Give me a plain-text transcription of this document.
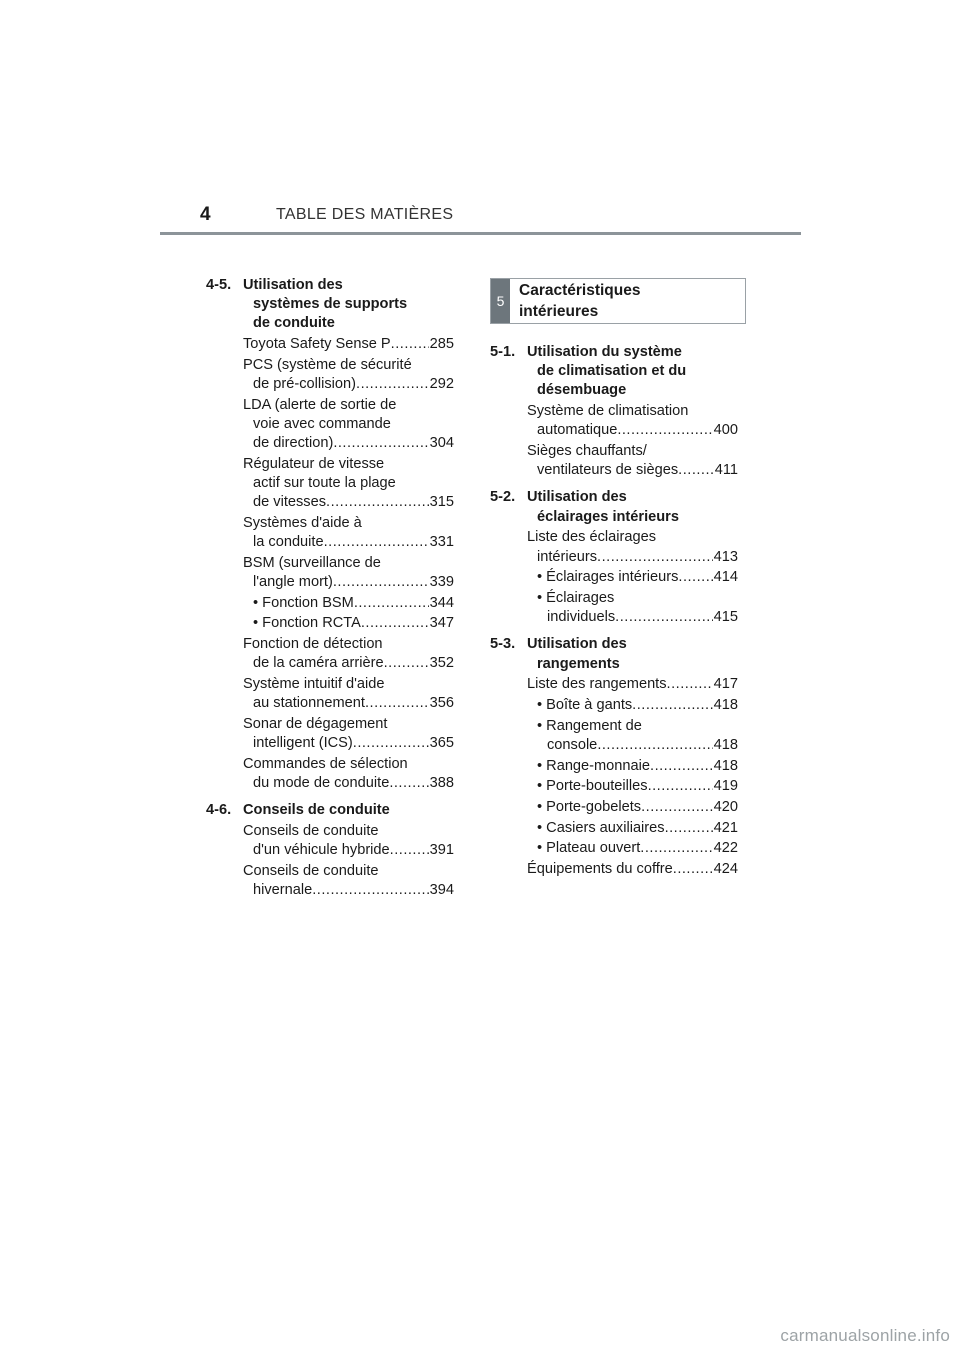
4	TABLE DES MATIÈRES
4-5. Utilisation des
systèmes de supports
de conduite
Toyota Safety Sense P .....	285
PCS (système de sécurité
de pré-collision) .....	292
LDA (alerte de sortie de
voie avec commande
de direction) .....	304
Régulateur de vitesse
actif sur toute la plage
de vitesses .....	315
Systèmes d'aide à
la conduite .....	331
BSM (surveillance de
l'angle mort) .....	339
• Fonction BSM .....	344
• Fonction RCTA .....	347
Fonction de détection
de la caméra arrière .....	352
Système intuitif d'aide
au stationnement .....	356
Sonar de dégagement
intelligent (ICS) .....	365
Commandes de sélection
du mode de conduite .....	388
4-6. Conseils de conduite
Conseils de conduite
d'un véhicule hybride .....	391
Conseils de conduite
hivernale .....	394
5
Caractéristiques
intérieures
5-1. Utilisation du système
de climatisation et du
désembuage
Système de climatisation
automatique .....	400
Sièges chauffants/
ventilateurs de sièges .....	411
5-2. Utilisation des
éclairages intérieurs
Liste des éclairages
intérieurs .....	413
• Éclairages intérieurs ..... 414
• Éclairages
individuels .....	415
5-3. Utilisation des
rangements
Liste des rangements .....	417
• Boîte à gants .....	418
• Rangement de
console .....	418
• Range-monnaie .....	418
• Porte-bouteilles .....	419
• Porte-gobelets .....	420
• Casiers auxiliaires .....	421
• Plateau ouvert .....	422
Équipements du coffre .....	424
carmanualsonline.info
